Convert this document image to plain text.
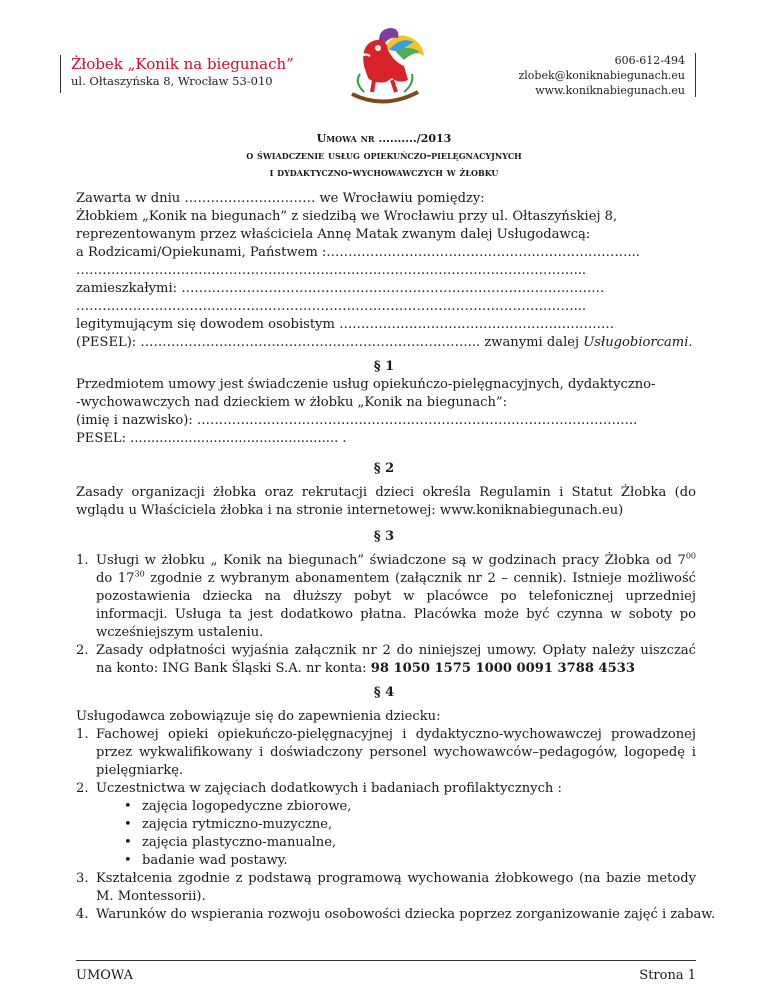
Żłobek „Konik na biegunach”
ul. Ołtaszyńska 8, Wrocław 53-010
606-612-494
zlobek@koniknabiegunach.eu
www.koniknabiegunach.eu
Umowa nr ........../2013
o świadczenie usług opiekuńczo-pielęgnacyjnych
i dydaktyczno-wychowawczych w żłobku
Zawarta w dniu ………………………… we Wrocławiu pomiędzy:
Żłobkiem „Konik na biegunach” z siedzibą we Wrocławiu przy ul. Ołtaszyńskiej 8,
reprezentowanym przez właściciela Annę Matak zwanym dalej Usługodawcą:
a Rodzicami/Opiekunami, Państwem :……………………………………………………………...
……………………………………………………………………………………………………...
zamieszkałymi: …………………………………………………………………………….………
……………………………………………………………………………………………………...
legitymującym się dowodem osobistym ………………………………………………………
(PESEL): …………………………………………………………………... zwanymi dalej Usługobiorcami.
§ 1
Przedmiotem umowy jest świadczenie usług opiekuńczo-pielęgnacyjnych, dydaktyczno-
-wychowawczych nad dzieckiem w żłobku „Konik na biegunach”:
(imię i nazwisko): ………………………………………………………………………………………..
PESEL: .................................................. .
§ 2
Zasady organizacji żłobka oraz rekrutacji dzieci określa Regulamin i Statut Żłobka (do wglądu u Właściciela żłobka i na stronie internetowej: www.koniknabiegunach.eu)
§ 3
1. Usługi w żłobku „ Konik na biegunach” świadczone są w godzinach pracy Żłobka od $7^{00}$ do $17^{30}$ zgodnie z wybranym abonamentem (załącznik nr 2 – cennik). Istnieje możliwość pozostawienia dziecka na dłuższy pobyt w placówce po telefonicznej uprzedniej informacji. Usługa ta jest dodatkowo płatna. Placówka może być czynna w soboty po wcześniejszym ustaleniu.
2. Zasady odpłatności wyjaśnia załącznik nr 2 do niniejszej umowy. Opłaty należy uiszczać na konto: ING Bank Śląski S.A. nr konta: 98 1050 1575 1000 0091 3788 4533
§ 4
Usługodawca zobowiązuje się do zapewnienia dziecku:
1. Fachowej opieki opiekuńczo-pielęgnacyjnej i dydaktyczno-wychowawczej prowadzonej przez wykwalifikowany i doświadczony personel wychowawców–pedagogów, logopedę i pielęgniarkę.
2. Uczestnictwa w zajęciach dodatkowych i badaniach profilaktycznych :
• zajęcia logopedyczne zbiorowe,
• zajęcia rytmiczno-muzyczne,
• zajęcia plastyczno-manualne,
• badanie wad postawy.
3. Kształcenia zgodnie z podstawą programową wychowania żłobkowego (na bazie metody M. Montessorii).
4. Warunków do wspierania rozwoju osobowości dziecka poprzez zorganizowanie zajęć i zabaw.
UMOWA	Strona 1
